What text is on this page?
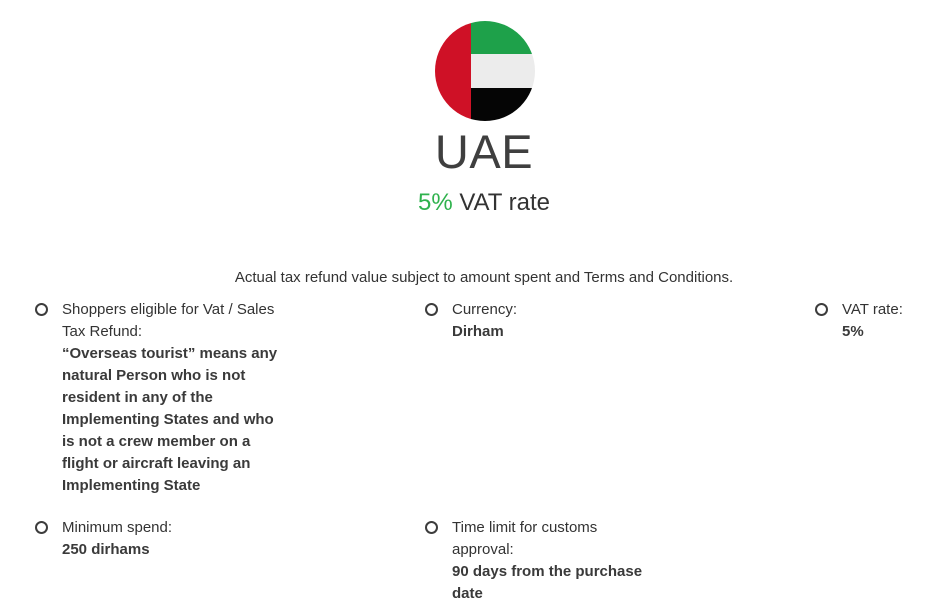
UAE
5% VAT rate
Actual tax refund value subject to amount spent and Terms and Conditions.
Shoppers eligible for Vat / Sales Tax Refund:
“Overseas tourist” means any natural Person who is not resident in any of the Implementing States and who is not a crew member on a flight or aircraft leaving an Implementing State
Currency:
Dirham
VAT rate:
5%
Minimum spend:
250 dirhams
Time limit for customs approval:
90 days from the purchase date
